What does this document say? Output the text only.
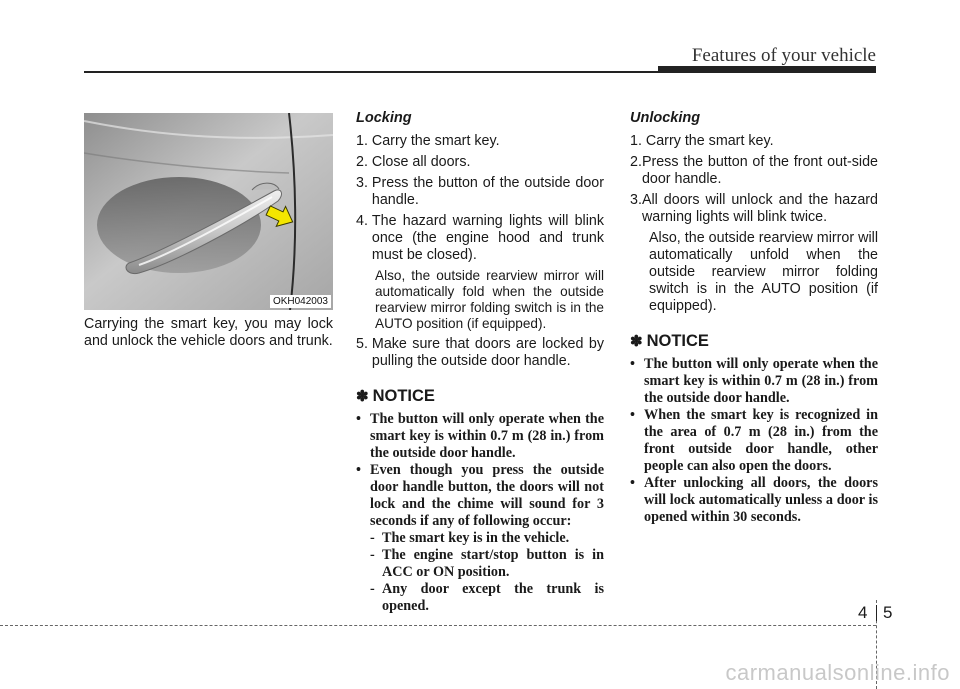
Features of your vehicle
OKH042003
Carrying the smart key, you may lock and unlock the vehicle doors and trunk.
Locking
1. Carry the smart key.
2. Close all doors.
3. Press the button of the outside door handle.
4. The hazard warning lights will blink once (the engine hood and trunk must be closed).
Also, the outside rearview mirror will automatically fold when the outside rearview mirror folding switch is in the AUTO position (if equipped).
5. Make sure that doors are locked by pulling the outside door handle.
✽ NOTICE
• The button will only operate when the smart key is within 0.7 m (28 in.) from the outside door handle.
• Even though you press the outside door handle button, the doors will not lock and the chime will sound for 3 seconds if any of following occur:
- The smart key is in the vehicle.
- The engine start/stop button is in ACC or ON position.
- Any door except the trunk is opened.
Unlocking
1. Carry the smart key.
2. Press the button of the front out-side door handle.
3. All doors will unlock and the hazard warning lights will blink twice.
Also, the outside rearview mirror will automatically unfold when the outside rearview mirror folding switch is in the AUTO position (if equipped).
✽ NOTICE
• The button will only operate when the smart key is within 0.7 m (28 in.) from the outside door handle.
• When the smart key is recognized in the area of 0.7 m (28 in.) from the front outside door handle, other people can also open the doors.
• After unlocking all doors, the doors will lock automatically unless a door is opened within 30 seconds.
4 5
carmanualsonline.info
